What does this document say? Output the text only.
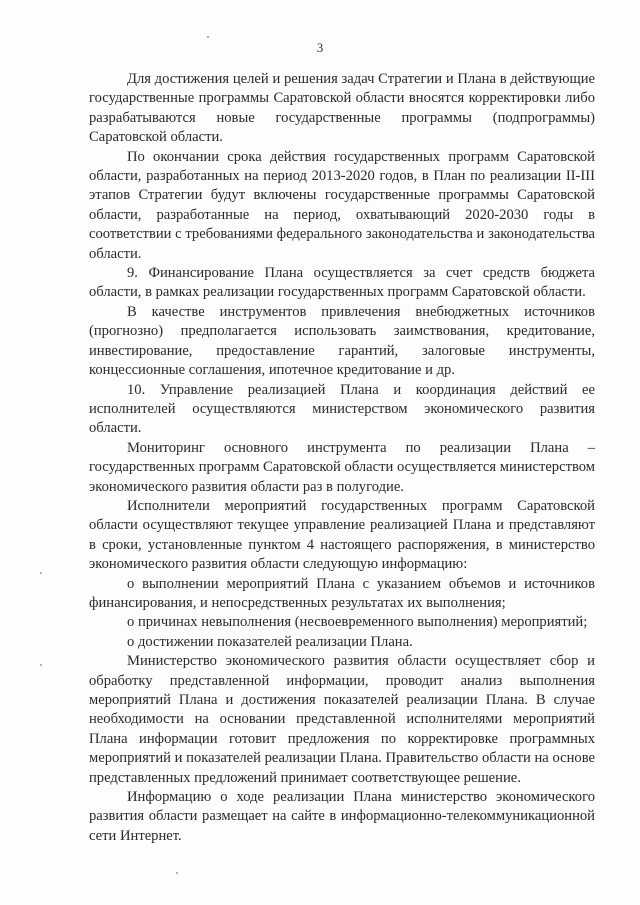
3

Для достижения целей и решения задач Стратегии и Плана в действующие государственные программы Саратовской области вносятся корректировки либо разрабатываются новые государственные программы (подпрограммы) Саратовской области.

По окончании срока действия государственных программ Саратовской области, разработанных на период 2013-2020 годов, в План по реализации II-III этапов Стратегии будут включены государственные программы Саратовской области, разработанные на период, охватывающий 2020-2030 годы в соответствии с требованиями федерального законодательства и законодательства области.

9. Финансирование Плана осуществляется за счет средств бюджета области, в рамках реализации государственных программ Саратовской области.

В качестве инструментов привлечения внебюджетных источников (прогнозно) предполагается использовать заимствования, кредитование, инвестирование, предоставление гарантий, залоговые инструменты, концессионные соглашения, ипотечное кредитование и др.

10. Управление реализацией Плана и координация действий ее исполнителей осуществляются министерством экономического развития области.

Мониторинг основного инструмента по реализации Плана – государственных программ Саратовской области осуществляется министерством экономического развития области раз в полугодие.

Исполнители мероприятий государственных программ Саратовской области осуществляют текущее управление реализацией Плана и представляют в сроки, установленные пунктом 4 настоящего распоряжения, в министерство экономического развития области следующую информацию:

о выполнении мероприятий Плана с указанием объемов и источников финансирования, и непосредственных результатах их выполнения;

о причинах невыполнения (несвоевременного выполнения) мероприятий;

о достижении показателей реализации Плана.

Министерство экономического развития области осуществляет сбор и обработку представленной информации, проводит анализ выполнения мероприятий Плана и достижения показателей реализации Плана. В случае необходимости на основании представленной исполнителями мероприятий Плана информации готовит предложения по корректировке программных мероприятий и показателей реализации Плана. Правительство области на основе представленных предложений принимает соответствующее решение.

Информацию о ходе реализации Плана министерство экономического развития области размещает на сайте в информационно-телекоммуникационной сети Интернет.
